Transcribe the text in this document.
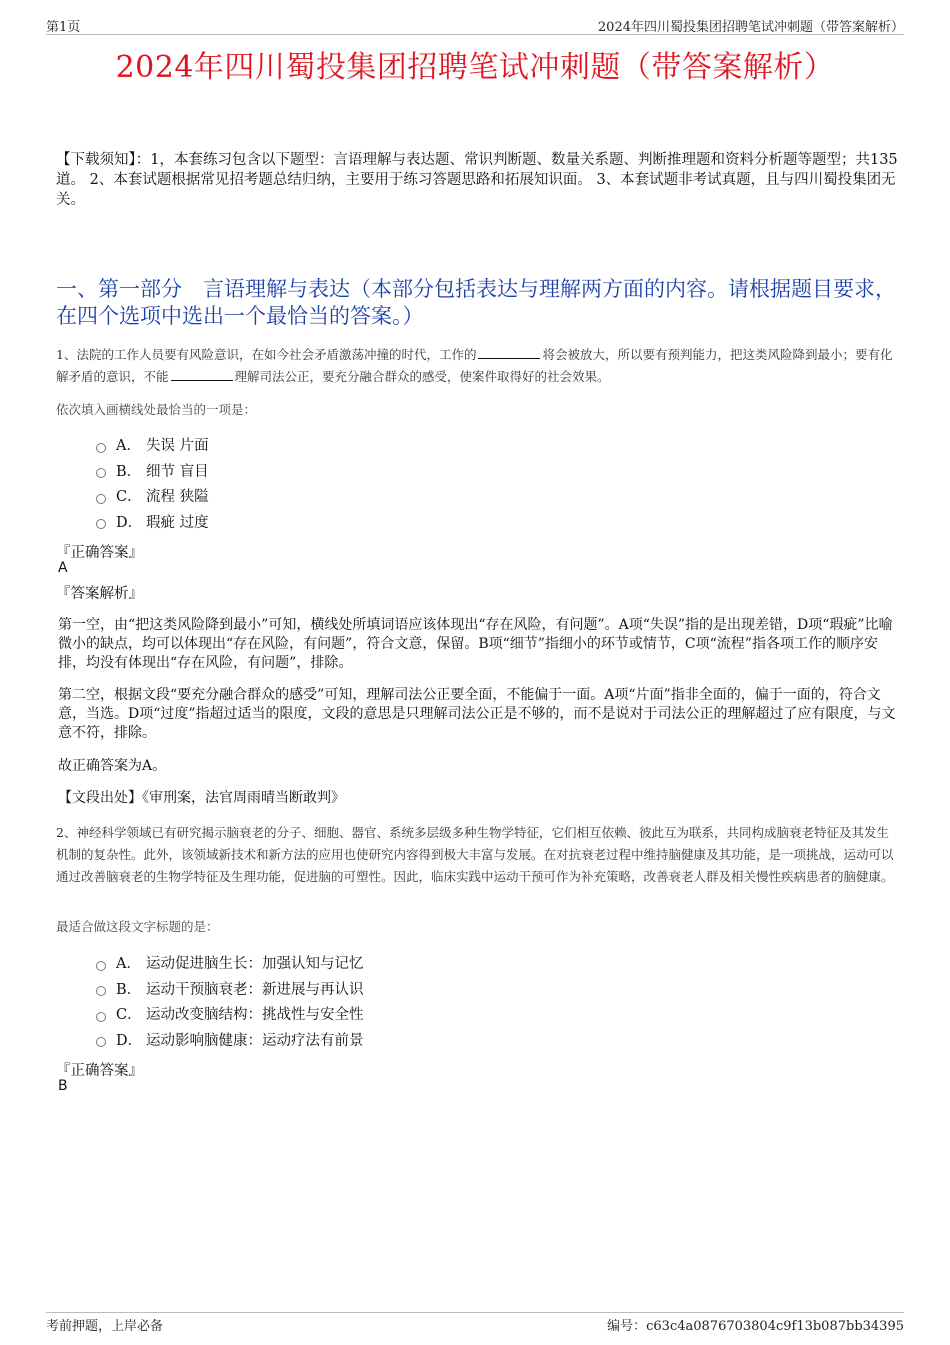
第1页	2024年四川蜀投集团招聘笔试冲刺题（带答案解析）
2024年四川蜀投集团招聘笔试冲刺题（带答案解析）
【下载须知】：1，本套练习包含以下题型：言语理解与表达题、常识判断题、数量关系题、判断推理题和资料分析题等题型；共135道。 2、本套试题根据常见招考题总结归纳，主要用于练习答题思路和拓展知识面。 3、本套试题非考试真题，且与四川蜀投集团无关。
一、第一部分　言语理解与表达（本部分包括表达与理解两方面的内容。请根据题目要求，在四个选项中选出一个最恰当的答案。）
1、法院的工作人员要有风险意识，在如今社会矛盾激荡冲撞的时代，工作的	将会被放大，所以要有预判能力，把这类风险降到最小；要有化解矛盾的意识，不能	理解司法公正，要充分融合群众的感受，使案件取得好的社会效果。
依次填入画横线处最恰当的一项是：
A． 失误 片面
B． 细节 盲目
C． 流程 狭隘
D． 瑕疵 过度
『正确答案』
A
『答案解析』
第一空，由“把这类风险降到最小”可知，横线处所填词语应该体现出“存在风险，有问题”。A项“失误”指的是出现差错，D项“瑕疵”比喻微小的缺点，均可以体现出“存在风险，有问题”，符合文意，保留。B项“细节”指细小的环节或情节，C项“流程”指各项工作的顺序安排，均没有体现出“存在风险，有问题”，排除。
第二空，根据文段“要充分融合群众的感受”可知，理解司法公正要全面，不能偏于一面。A项“片面”指非全面的，偏于一面的，符合文意，当选。D项“过度”指超过适当的限度，文段的意思是只理解司法公正是不够的，而不是说对于司法公正的理解超过了应有限度，与文意不符，排除。
故正确答案为A。
【文段出处】《审刑案，法官周雨晴当断敢判》
2、神经科学领域已有研究揭示脑衰老的分子、细胞、器官、系统多层级多种生物学特征，它们相互依赖、彼此互为联系，共同构成脑衰老特征及其发生机制的复杂性。此外，该领域新技术和新方法的应用也使研究内容得到极大丰富与发展。在对抗衰老过程中维持脑健康及其功能，是一项挑战，运动可以通过改善脑衰老的生物学特征及生理功能，促进脑的可塑性。因此，临床实践中运动干预可作为补充策略，改善衰老人群及相关慢性疾病患者的脑健康。
最适合做这段文字标题的是：
A． 运动促进脑生长：加强认知与记忆
B． 运动干预脑衰老：新进展与再认识
C． 运动改变脑结构：挑战性与安全性
D． 运动影响脑健康：运动疗法有前景
『正确答案』
B
考前押题，上岸必备	编号：c63c4a0876703804c9f13b087bb34395
